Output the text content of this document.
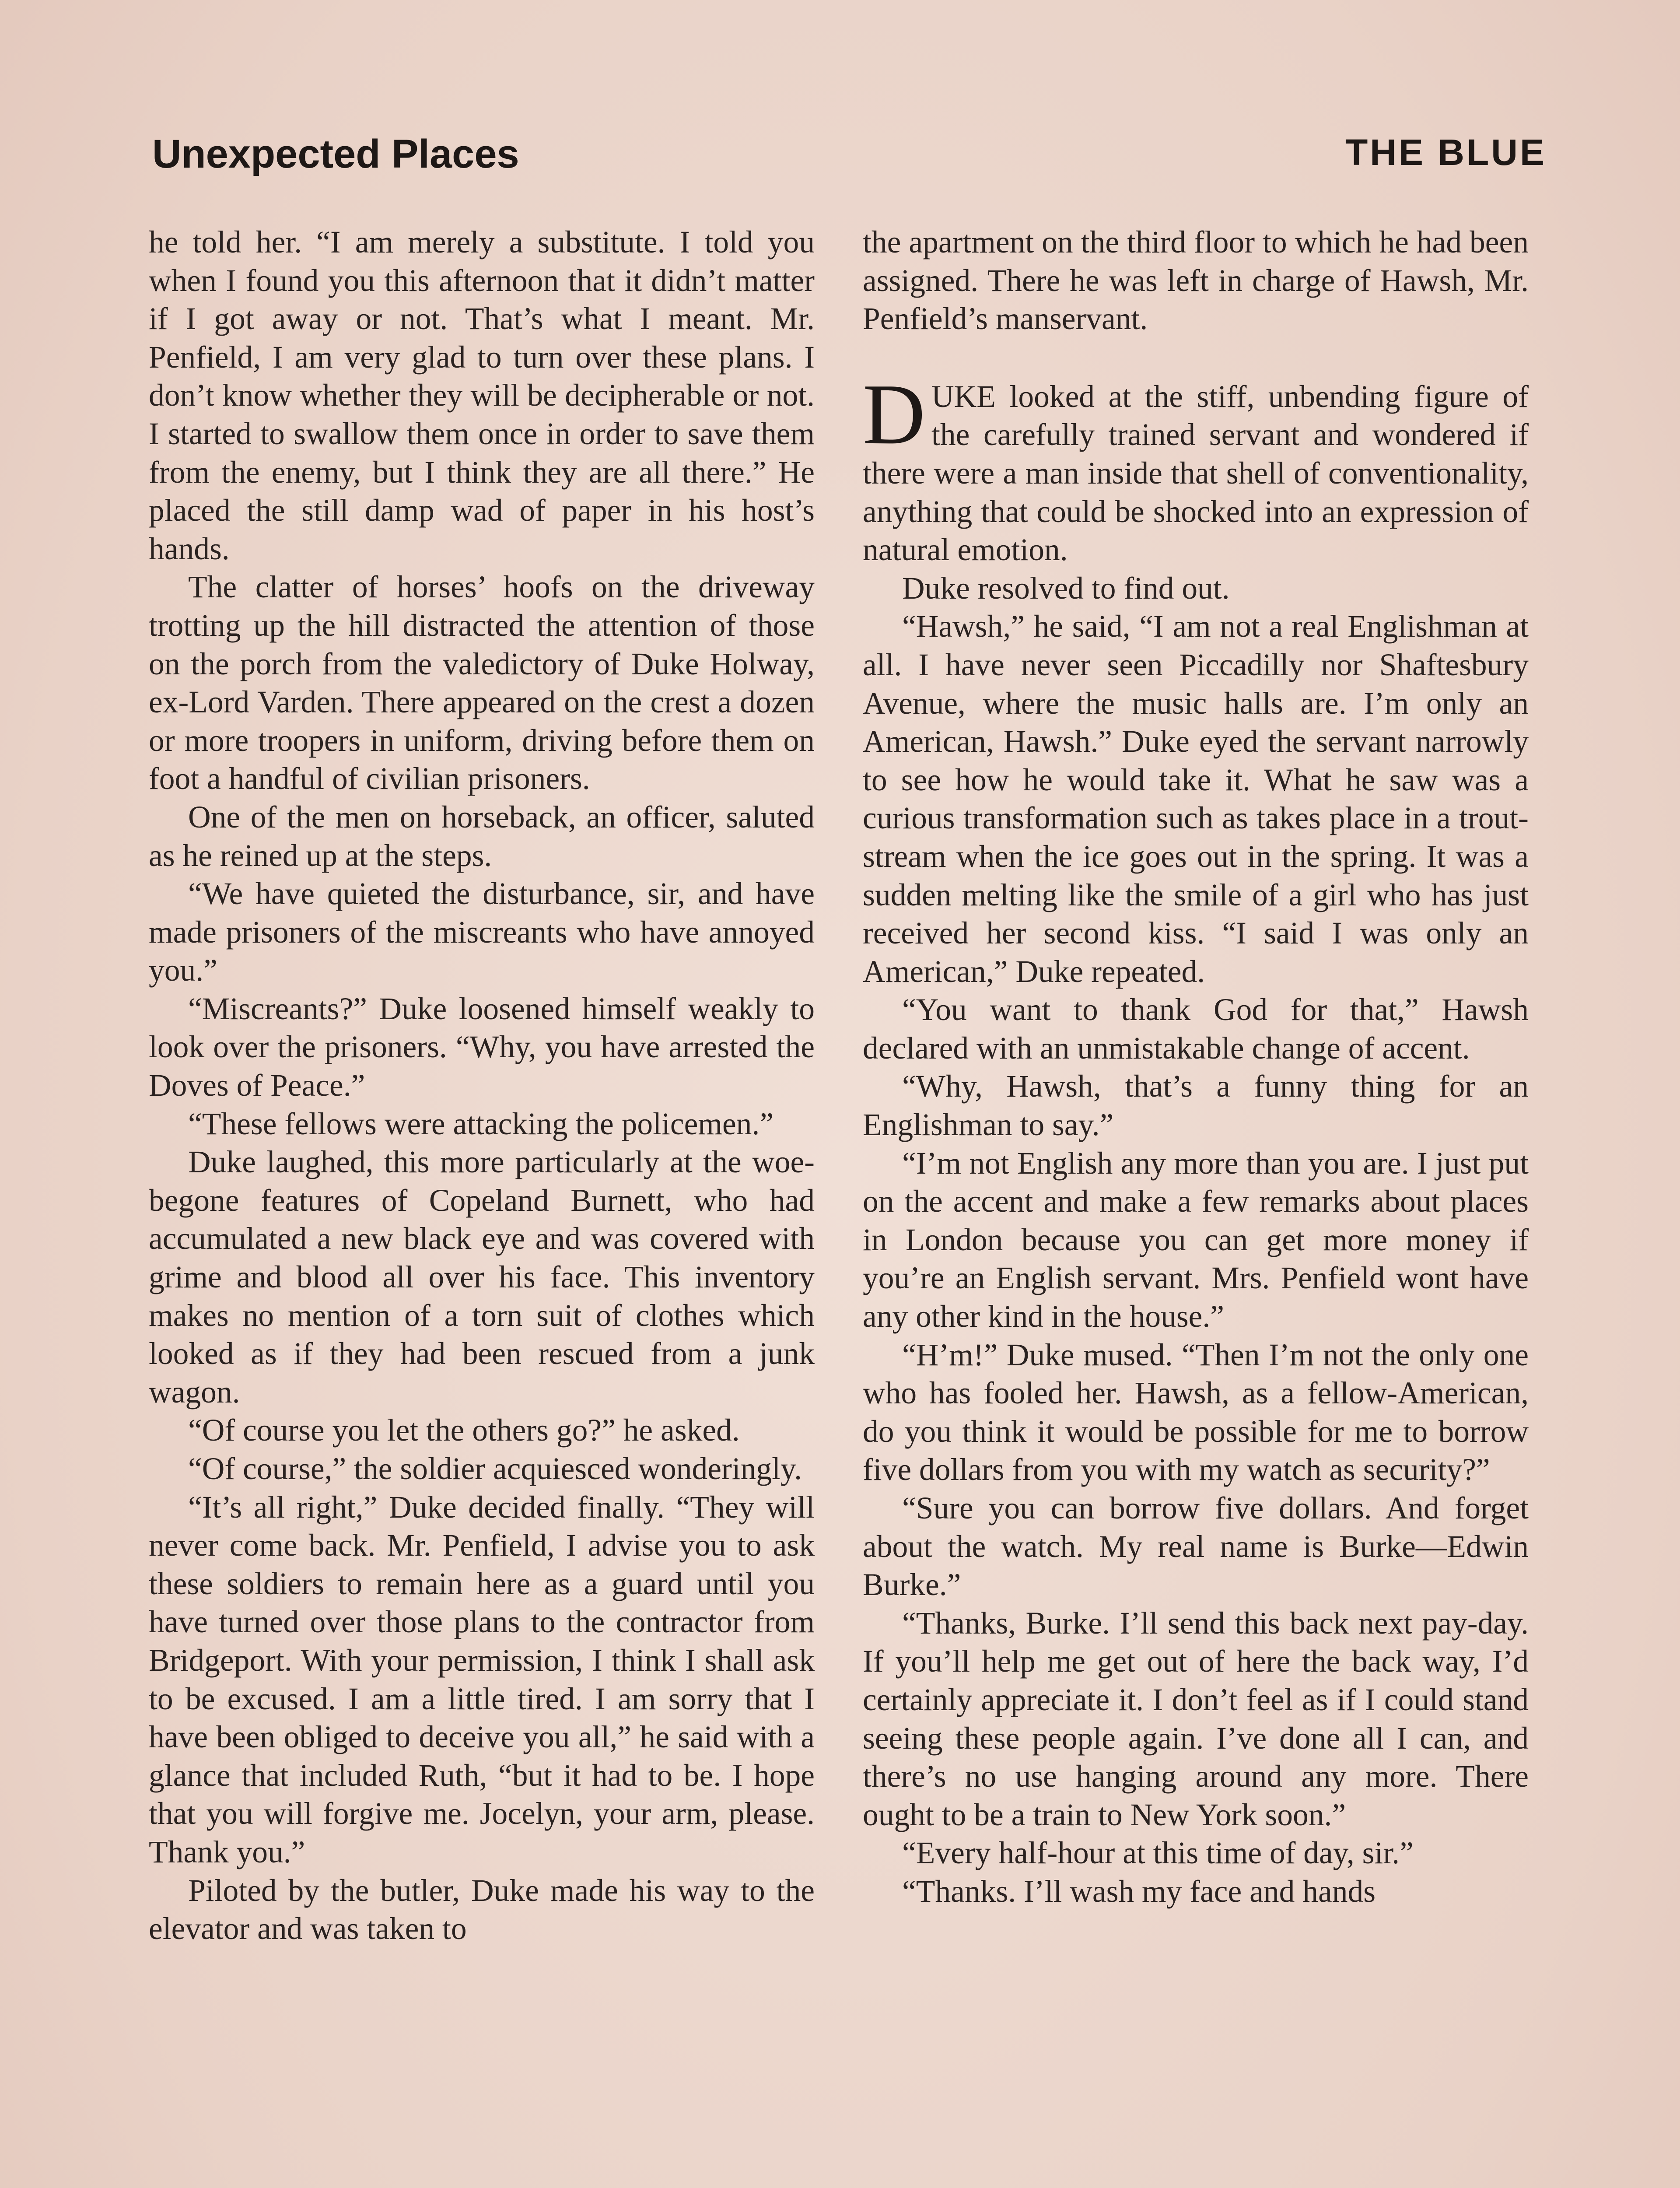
Unexpected Places	THE BLUE

he told her. “I am merely a substitute. I told you when I found you this afternoon that it didn’t matter if I got away or not. That’s what I meant. Mr. Penfield, I am very glad to turn over these plans. I don’t know whether they will be decipherable or not. I started to swallow them once in order to save them from the enemy, but I think they are all there.” He placed the still damp wad of paper in his host’s hands.

The clatter of horses’ hoofs on the driveway trotting up the hill distracted the attention of those on the porch from the valedictory of Duke Holway, ex-Lord Varden. There appeared on the crest a dozen or more troopers in uniform, driving before them on foot a handful of civilian prisoners.

One of the men on horseback, an officer, saluted as he reined up at the steps.

“We have quieted the disturbance, sir, and have made prisoners of the miscreants who have annoyed you.”

“Miscreants?” Duke loosened himself weakly to look over the prisoners. “Why, you have arrested the Doves of Peace.”

“These fellows were attacking the policemen.”

Duke laughed, this more particularly at the woe-begone features of Copeland Burnett, who had accumulated a new black eye and was covered with grime and blood all over his face. This inventory makes no mention of a torn suit of clothes which looked as if they had been rescued from a junk wagon.

“Of course you let the others go?” he asked.

“Of course,” the soldier acquiesced wonderingly.

“It’s all right,” Duke decided finally. “They will never come back. Mr. Penfield, I advise you to ask these soldiers to remain here as a guard until you have turned over those plans to the contractor from Bridgeport. With your permission, I think I shall ask to be excused. I am a little tired. I am sorry that I have been obliged to deceive you all,” he said with a glance that included Ruth, “but it had to be. I hope that you will forgive me. Jocelyn, your arm, please. Thank you.”

Piloted by the butler, Duke made his way to the elevator and was taken to

the apartment on the third floor to which he had been assigned. There he was left in charge of Hawsh, Mr. Penfield’s manservant.

DUKE looked at the stiff, unbending figure of the carefully trained servant and wondered if there were a man inside that shell of conventionality, anything that could be shocked into an expression of natural emotion.

Duke resolved to find out.

“Hawsh,” he said, “I am not a real Englishman at all. I have never seen Piccadilly nor Shaftesbury Avenue, where the music halls are. I’m only an American, Hawsh.” Duke eyed the servant narrowly to see how he would take it. What he saw was a curious transformation such as takes place in a trout-stream when the ice goes out in the spring. It was a sudden melting like the smile of a girl who has just received her second kiss. “I said I was only an American,” Duke repeated.

“You want to thank God for that,” Hawsh declared with an unmistakable change of accent.

“Why, Hawsh, that’s a funny thing for an Englishman to say.”

“I’m not English any more than you are. I just put on the accent and make a few remarks about places in London because you can get more money if you’re an English servant. Mrs. Penfield wont have any other kind in the house.”

“H’m!” Duke mused. “Then I’m not the only one who has fooled her. Hawsh, as a fellow-American, do you think it would be possible for me to borrow five dollars from you with my watch as security?”

“Sure you can borrow five dollars. And forget about the watch. My real name is Burke—Edwin Burke.”

“Thanks, Burke. I’ll send this back next pay-day. If you’ll help me get out of here the back way, I’d certainly appreciate it. I don’t feel as if I could stand seeing these people again. I’ve done all I can, and there’s no use hanging around any more. There ought to be a train to New York soon.”

“Every half-hour at this time of day, sir.”

“Thanks. I’ll wash my face and hands
